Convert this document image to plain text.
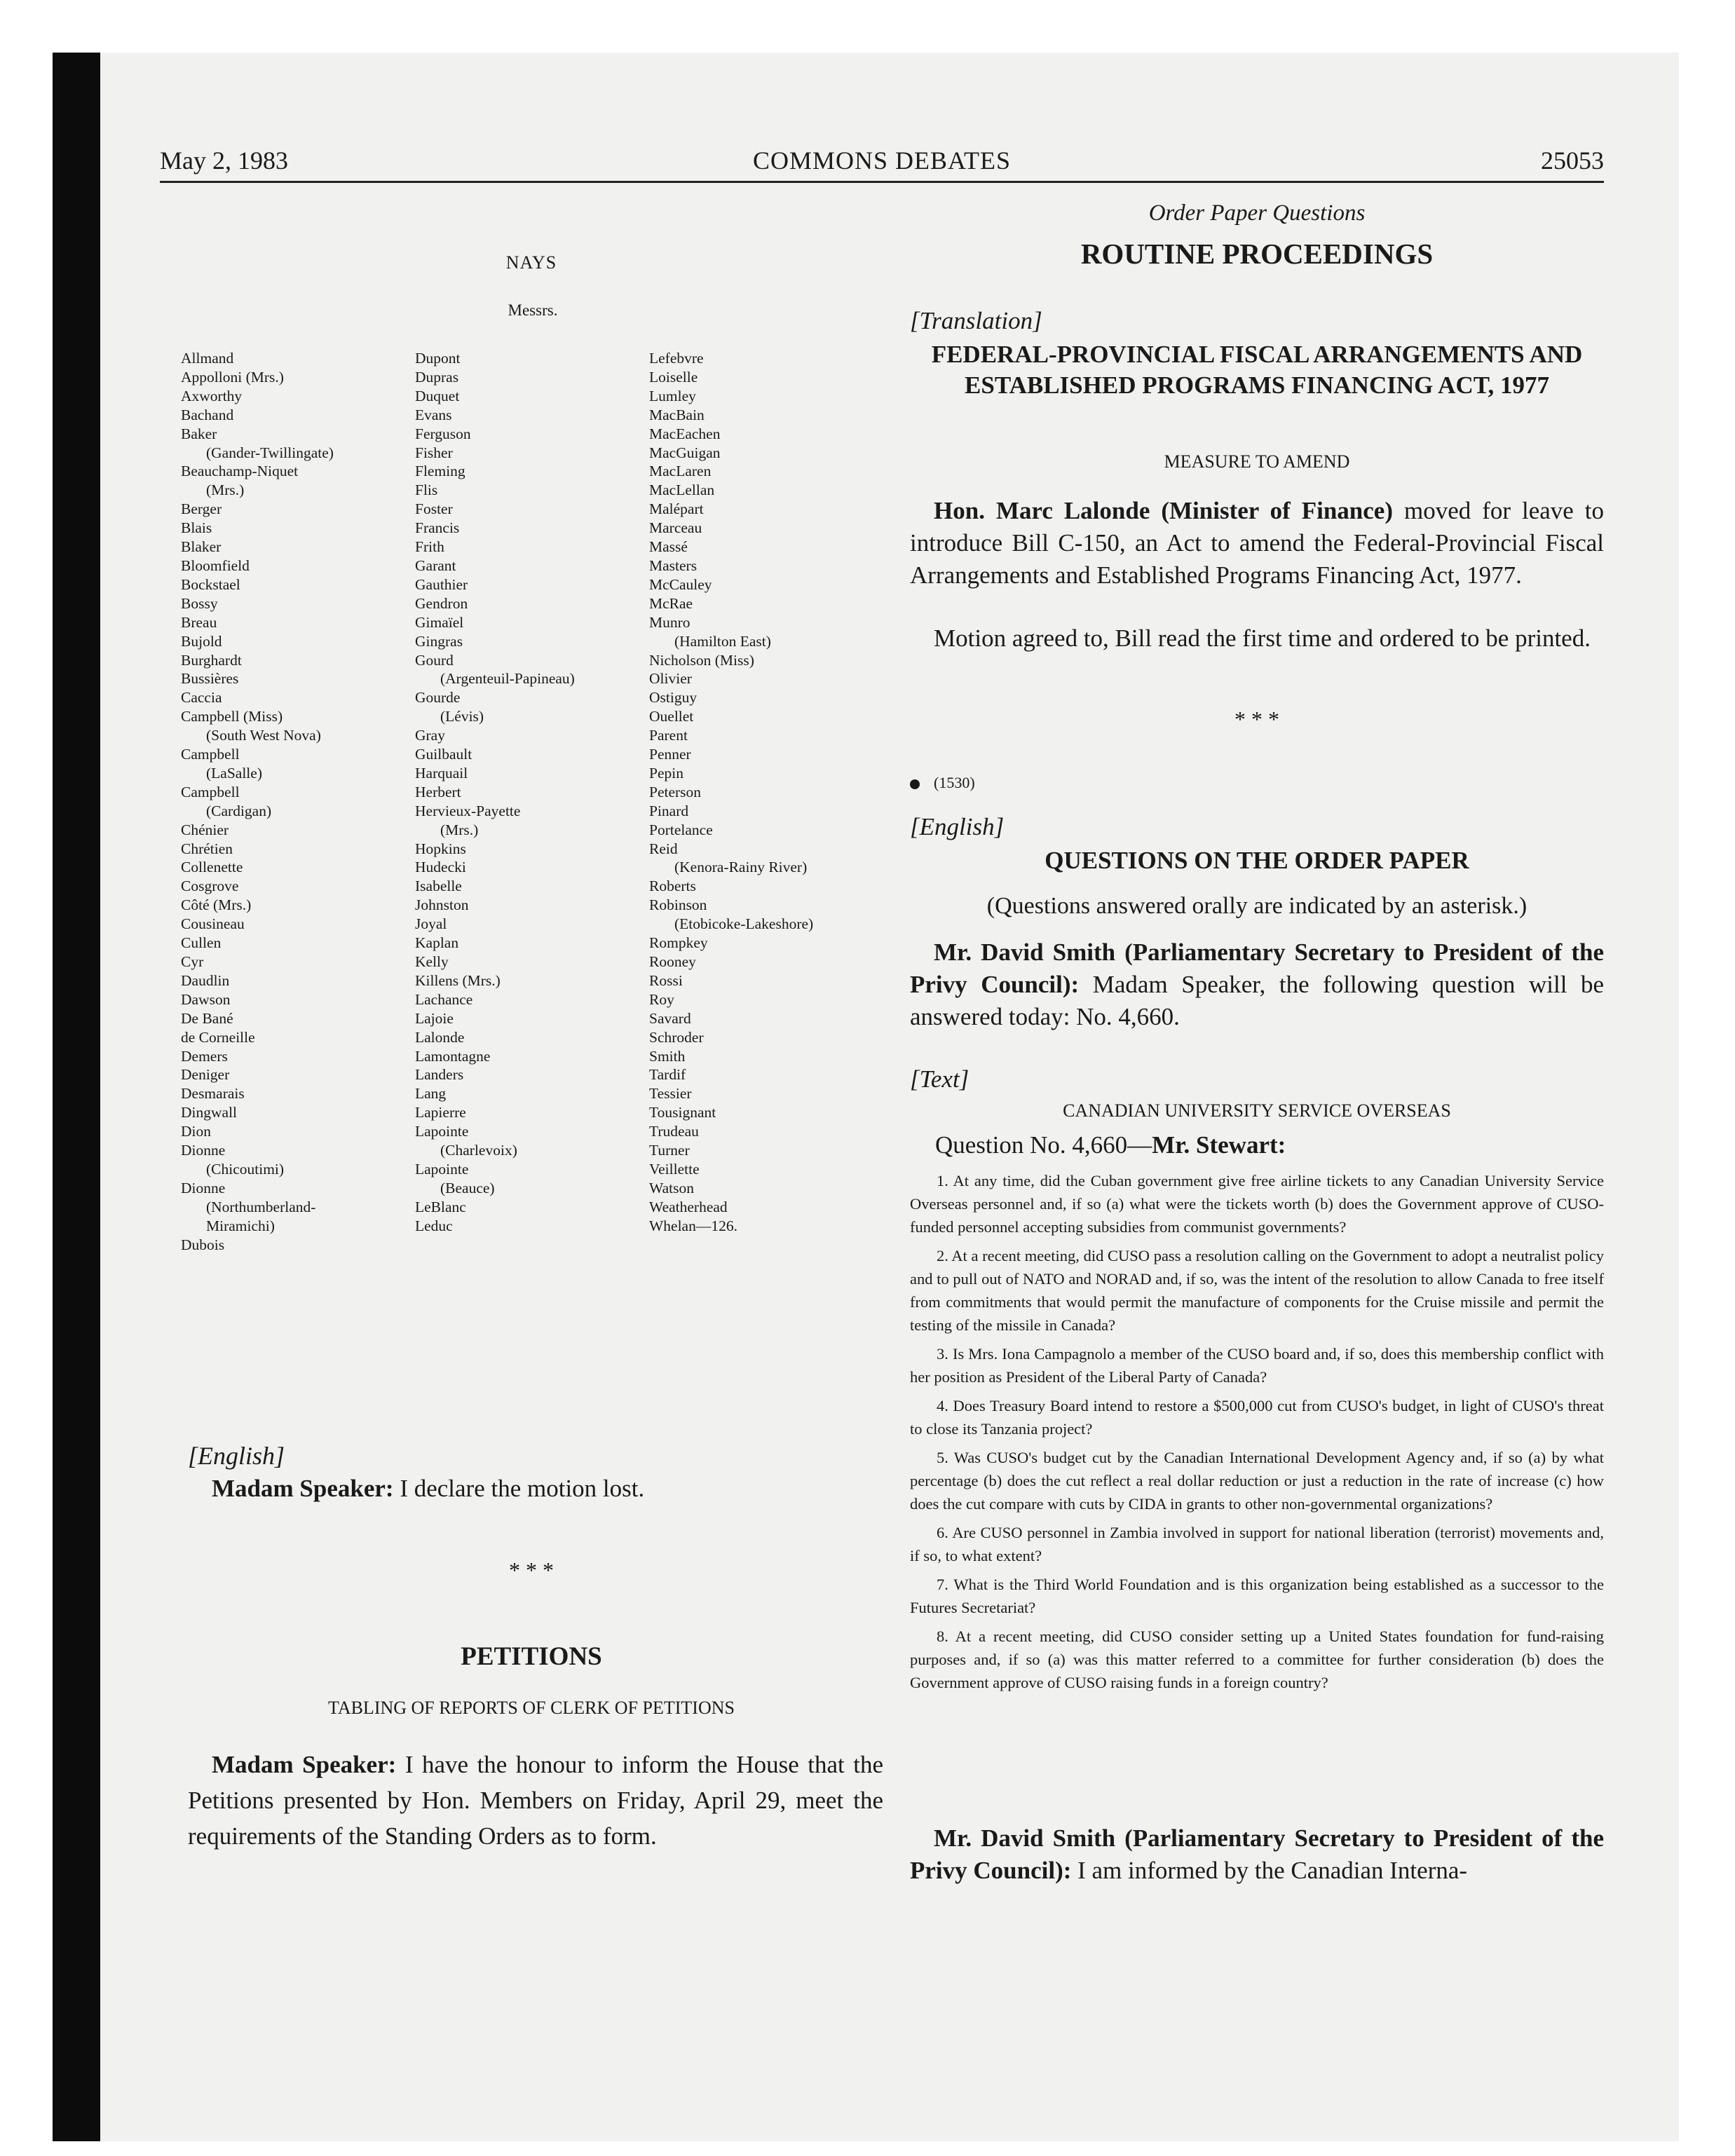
May 2, 1983	COMMONS DEBATES	25053
NAYS
Messrs.
Allmand
Appolloni (Mrs.)
Axworthy
Bachand
Baker
(Gander-Twillingate)
Beauchamp-Niquet
(Mrs.)
Berger
Blais
Blaker
Bloomfield
Bockstael
Bossy
Breau
Bujold
Burghardt
Bussières
Caccia
Campbell (Miss)
(South West Nova)
Campbell
(LaSalle)
Campbell
(Cardigan)
Chénier
Chrétien
Collenette
Cosgrove
Côté (Mrs.)
Cousineau
Cullen
Cyr
Daudlin
Dawson
De Bané
de Corneille
Demers
Deniger
Desmarais
Dingwall
Dion
Dionne
(Chicoutimi)
Dionne
(Northumberland-
Miramichi)
Dubois
Dupont
Dupras
Duquet
Evans
Ferguson
Fisher
Fleming
Flis
Foster
Francis
Frith
Garant
Gauthier
Gendron
Gimaïel
Gingras
Gourd
(Argenteuil-Papineau)
Gourde
(Lévis)
Gray
Guilbault
Harquail
Herbert
Hervieux-Payette
(Mrs.)
Hopkins
Hudecki
Isabelle
Johnston
Joyal
Kaplan
Kelly
Killens (Mrs.)
Lachance
Lajoie
Lalonde
Lamontagne
Landers
Lang
Lapierre
Lapointe
(Charlevoix)
Lapointe
(Beauce)
LeBlanc
Leduc
Lefebvre
Loiselle
Lumley
MacBain
MacEachen
MacGuigan
MacLaren
MacLellan
Malépart
Marceau
Massé
Masters
McCauley
McRae
Munro
(Hamilton East)
Nicholson (Miss)
Olivier
Ostiguy
Ouellet
Parent
Penner
Pepin
Peterson
Pinard
Portelance
Reid
(Kenora-Rainy River)
Roberts
Robinson
(Etobicoke-Lakeshore)
Rompkey
Rooney
Rossi
Roy
Savard
Schroder
Smith
Tardif
Tessier
Tousignant
Trudeau
Turner
Veillette
Watson
Weatherhead
Whelan—126.
[English]
Madam Speaker: I declare the motion lost.
* * *
PETITIONS
TABLING OF REPORTS OF CLERK OF PETITIONS
Madam Speaker: I have the honour to inform the House that the Petitions presented by Hon. Members on Friday, April 29, meet the requirements of the Standing Orders as to form.
Order Paper Questions
ROUTINE PROCEEDINGS
[Translation]
FEDERAL-PROVINCIAL FISCAL ARRANGEMENTS AND ESTABLISHED PROGRAMS FINANCING ACT, 1977
MEASURE TO AMEND
Hon. Marc Lalonde (Minister of Finance) moved for leave to introduce Bill C-150, an Act to amend the Federal-Provincial Fiscal Arrangements and Established Programs Financing Act, 1977.
Motion agreed to, Bill read the first time and ordered to be printed.
* * *
(1530)
[English]
QUESTIONS ON THE ORDER PAPER
(Questions answered orally are indicated by an asterisk.)
Mr. David Smith (Parliamentary Secretary to President of the Privy Council): Madam Speaker, the following question will be answered today: No. 4,660.
[Text]
CANADIAN UNIVERSITY SERVICE OVERSEAS
Question No. 4,660—Mr. Stewart:

1. At any time, did the Cuban government give free airline tickets to any Canadian University Service Overseas personnel and, if so (a) what were the tickets worth (b) does the Government approve of CUSO-funded personnel accepting subsidies from communist governments?

2. At a recent meeting, did CUSO pass a resolution calling on the Government to adopt a neutralist policy and to pull out of NATO and NORAD and, if so, was the intent of the resolution to allow Canada to free itself from commitments that would permit the manufacture of components for the Cruise missile and permit the testing of the missile in Canada?

3. Is Mrs. Iona Campagnolo a member of the CUSO board and, if so, does this membership conflict with her position as President of the Liberal Party of Canada?

4. Does Treasury Board intend to restore a $500,000 cut from CUSO's budget, in light of CUSO's threat to close its Tanzania project?

5. Was CUSO's budget cut by the Canadian International Development Agency and, if so (a) by what percentage (b) does the cut reflect a real dollar reduction or just a reduction in the rate of increase (c) how does the cut compare with cuts by CIDA in grants to other non-governmental organizations?

6. Are CUSO personnel in Zambia involved in support for national liberation (terrorist) movements and, if so, to what extent?

7. What is the Third World Foundation and is this organization being established as a successor to the Futures Secretariat?

8. At a recent meeting, did CUSO consider setting up a United States foundation for fund-raising purposes and, if so (a) was this matter referred to a committee for further consideration (b) does the Government approve of CUSO raising funds in a foreign country?

Mr. David Smith (Parliamentary Secretary to President of the Privy Council): I am informed by the Canadian Interna-
